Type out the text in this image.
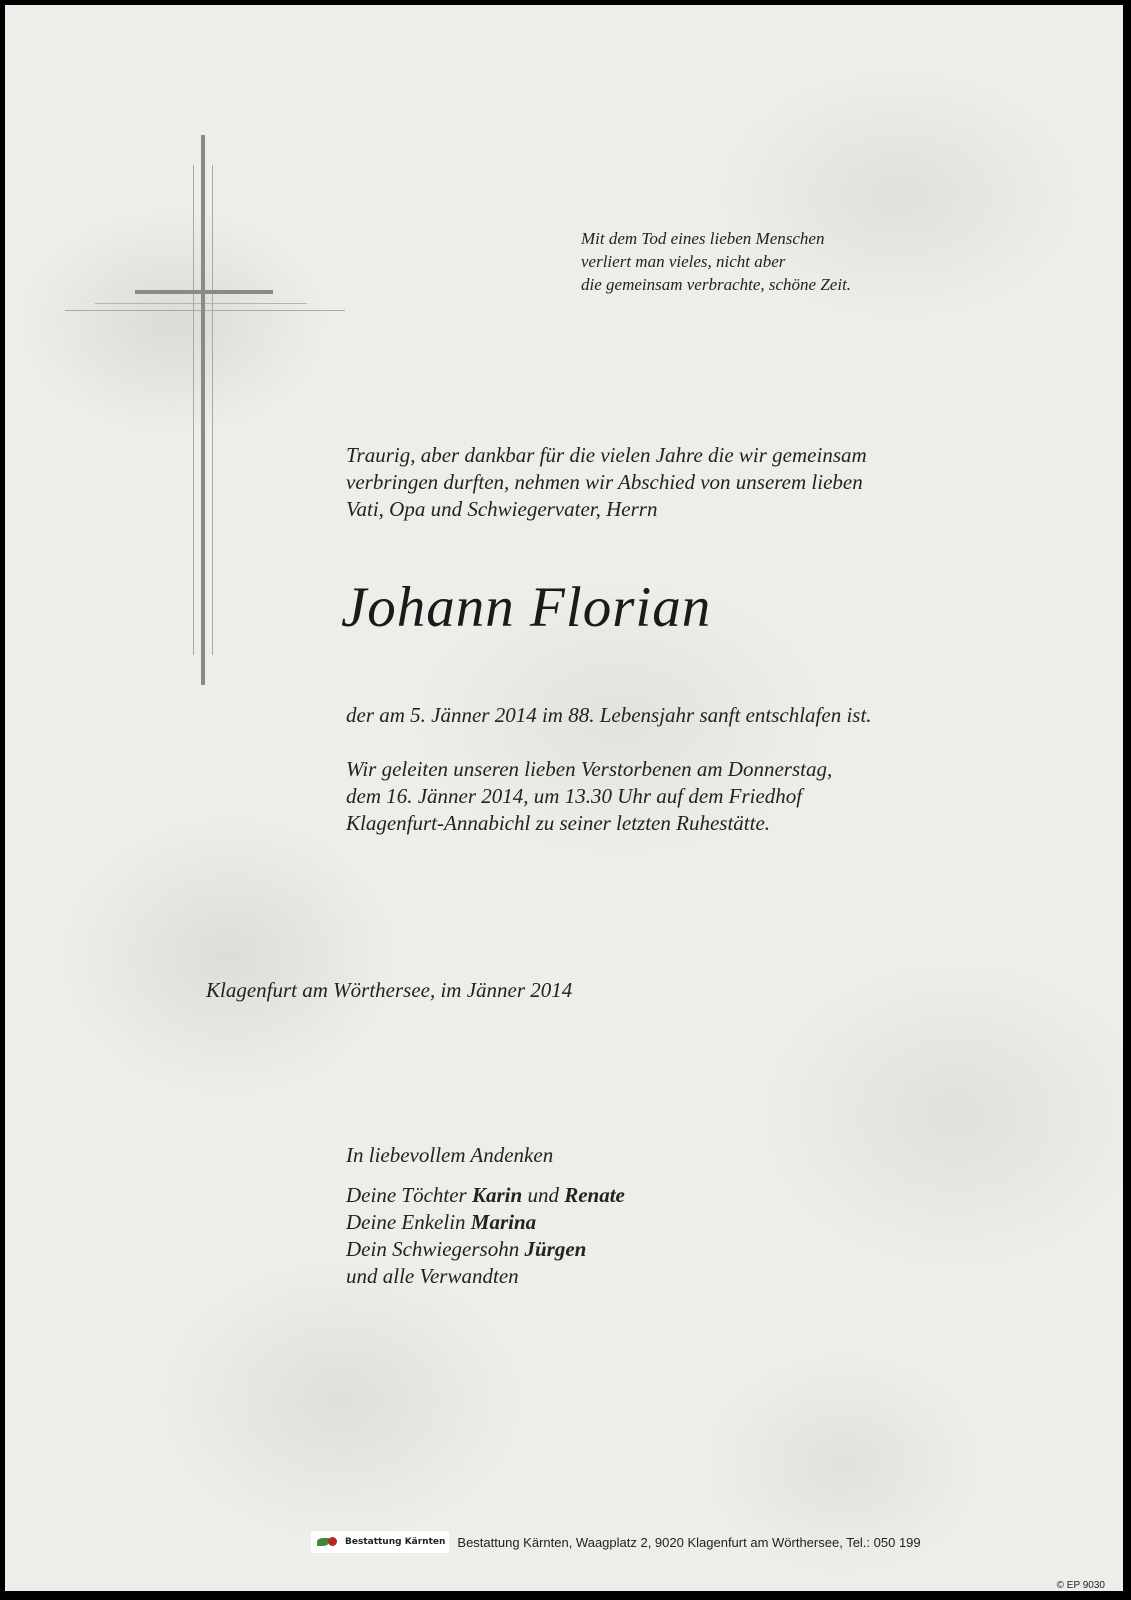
Mit dem Tod eines lieben Menschen
verliert man vieles, nicht aber
die gemeinsam verbrachte, schöne Zeit.
Traurig, aber dankbar für die vielen Jahre die wir gemeinsam
verbringen durften, nehmen wir Abschied von unserem lieben
Vati, Opa und Schwiegervater, Herrn
Johann Florian
der am 5. Jänner 2014 im 88. Lebensjahr sanft entschlafen ist.
Wir geleiten unseren lieben Verstorbenen am Donnerstag,
dem 16. Jänner 2014, um 13.30 Uhr auf dem Friedhof
Klagenfurt-Annabichl zu seiner letzten Ruhestätte.
Klagenfurt am Wörthersee, im Jänner 2014
In liebevollem Andenken
Deine Töchter Karin und Renate
Deine Enkelin Marina
Dein Schwiegersohn Jürgen
und alle Verwandten
Bestattung Kärnten Bestattung Kärnten, Waagplatz 2, 9020 Klagenfurt am Wörthersee, Tel.: 050 199
© EP 9030
